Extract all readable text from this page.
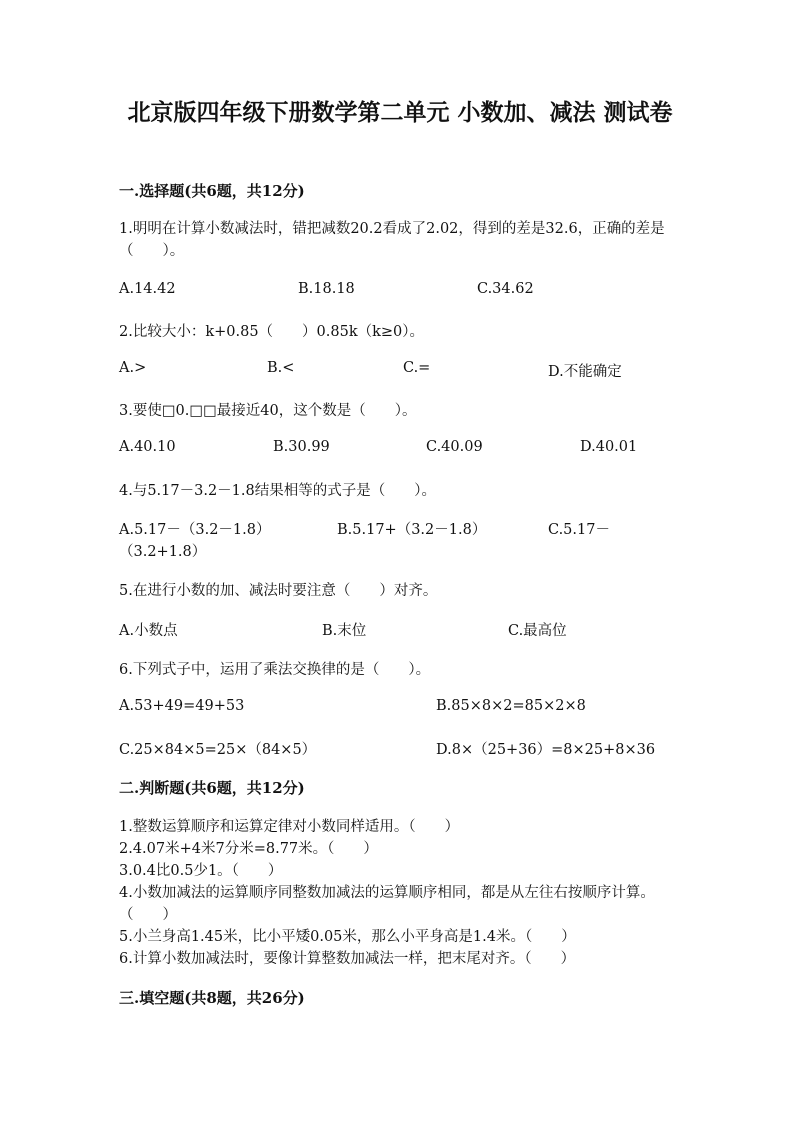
北京版四年级下册数学第二单元 小数加、减法 测试卷
一.选择题(共6题，共12分)
1.明明在计算小数减法时，错把减数20.2看成了2.02，得到的差是32.6，正确的差是（　　）。
A.14.42	B.18.18	C.34.62
2.比较大小：k+0.85（　　）0.85k（k≥0）。
A.>	B.<	C.=	D.不能确定
3.要使□0.□□最接近40，这个数是（　　）。
A.40.10	B.30.99	C.40.09	D.40.01
4.与5.17－3.2－1.8结果相等的式子是（　　）。
A.5.17－（3.2－1.8）	B.5.17+（3.2－1.8）	C.5.17－
（3.2+1.8）
5.在进行小数的加、减法时要注意（　　）对齐。
A.小数点	B.末位	C.最高位
6.下列式子中，运用了乘法交换律的是（　　）。
A.53+49=49+53	B.85×8×2=85×2×8
C.25×84×5=25×（84×5）	D.8×（25+36）=8×25+8×36
二.判断题(共6题，共12分)
1.整数运算顺序和运算定律对小数同样适用。（　　）
2.4.07米+4米7分米=8.77米。（　　）
3.0.4比0.5少1。（　　）
4.小数加减法的运算顺序同整数加减法的运算顺序相同，都是从左往右按顺序计算。（　　）
5.小兰身高1.45米，比小平矮0.05米，那么小平身高是1.4米。（　　）
6.计算小数加减法时，要像计算整数加减法一样，把末尾对齐。（　　）
三.填空题(共8题，共26分)
